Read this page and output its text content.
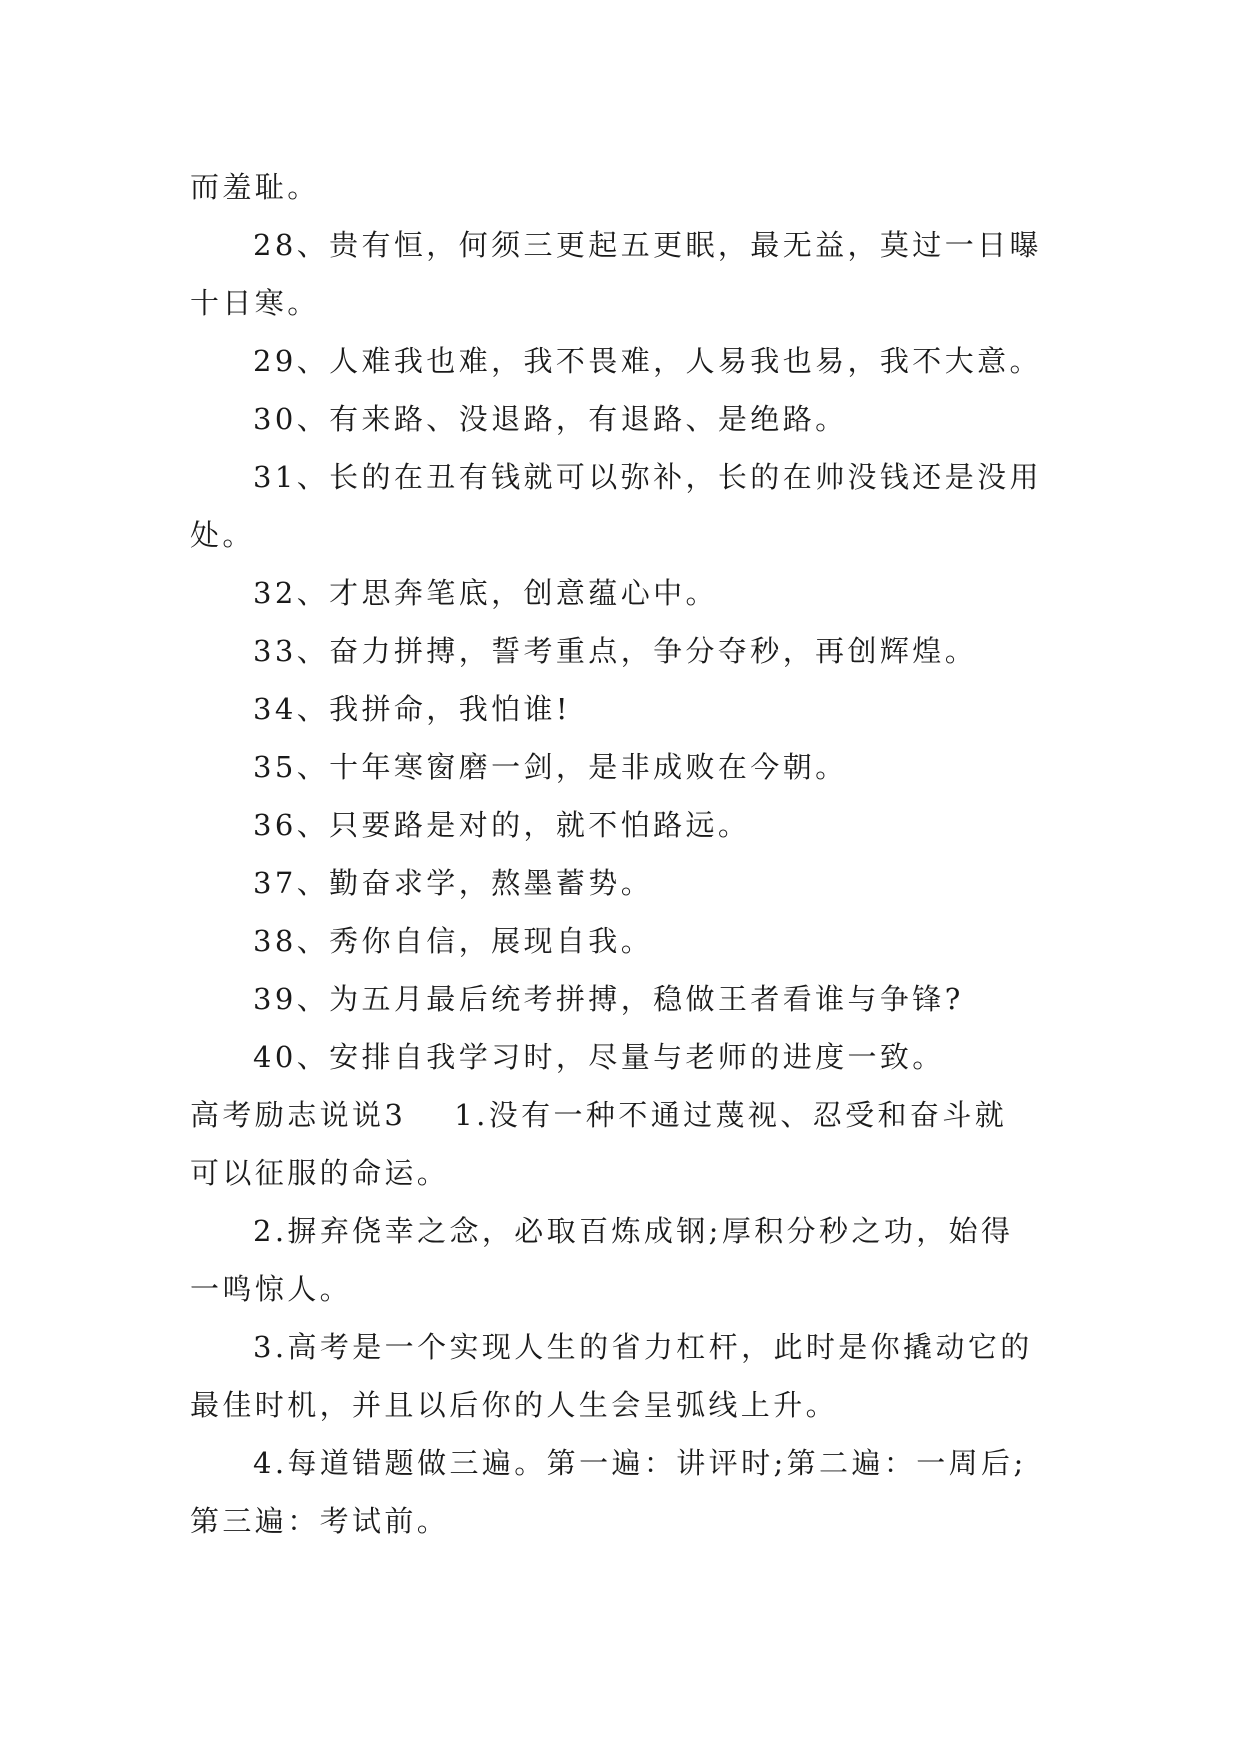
而羞耻。
28、贵有恒，何须三更起五更眠，最无益，莫过一日曝
十日寒。
29、人难我也难，我不畏难，人易我也易，我不大意。
30、有来路、没退路，有退路、是绝路。
31、长的在丑有钱就可以弥补，长的在帅没钱还是没用
处。
32、才思奔笔底，创意蕴心中。
33、奋力拼搏，誓考重点，争分夺秒，再创辉煌。
34、我拼命，我怕谁!
35、十年寒窗磨一剑，是非成败在今朝。
36、只要路是对的，就不怕路远。
37、勤奋求学，熬墨蓄势。
38、秀你自信，展现自我。
39、为五月最后统考拼搏，稳做王者看谁与争锋?
40、安排自我学习时，尽量与老师的进度一致。
高考励志说说3 1.没有一种不通过蔑视、忍受和奋斗就
可以征服的命运。
2.摒弃侥幸之念，必取百炼成钢;厚积分秒之功，始得
一鸣惊人。
3.高考是一个实现人生的省力杠杆，此时是你撬动它的
最佳时机，并且以后你的人生会呈弧线上升。
4.每道错题做三遍。第一遍：讲评时;第二遍：一周后;
第三遍：考试前。
